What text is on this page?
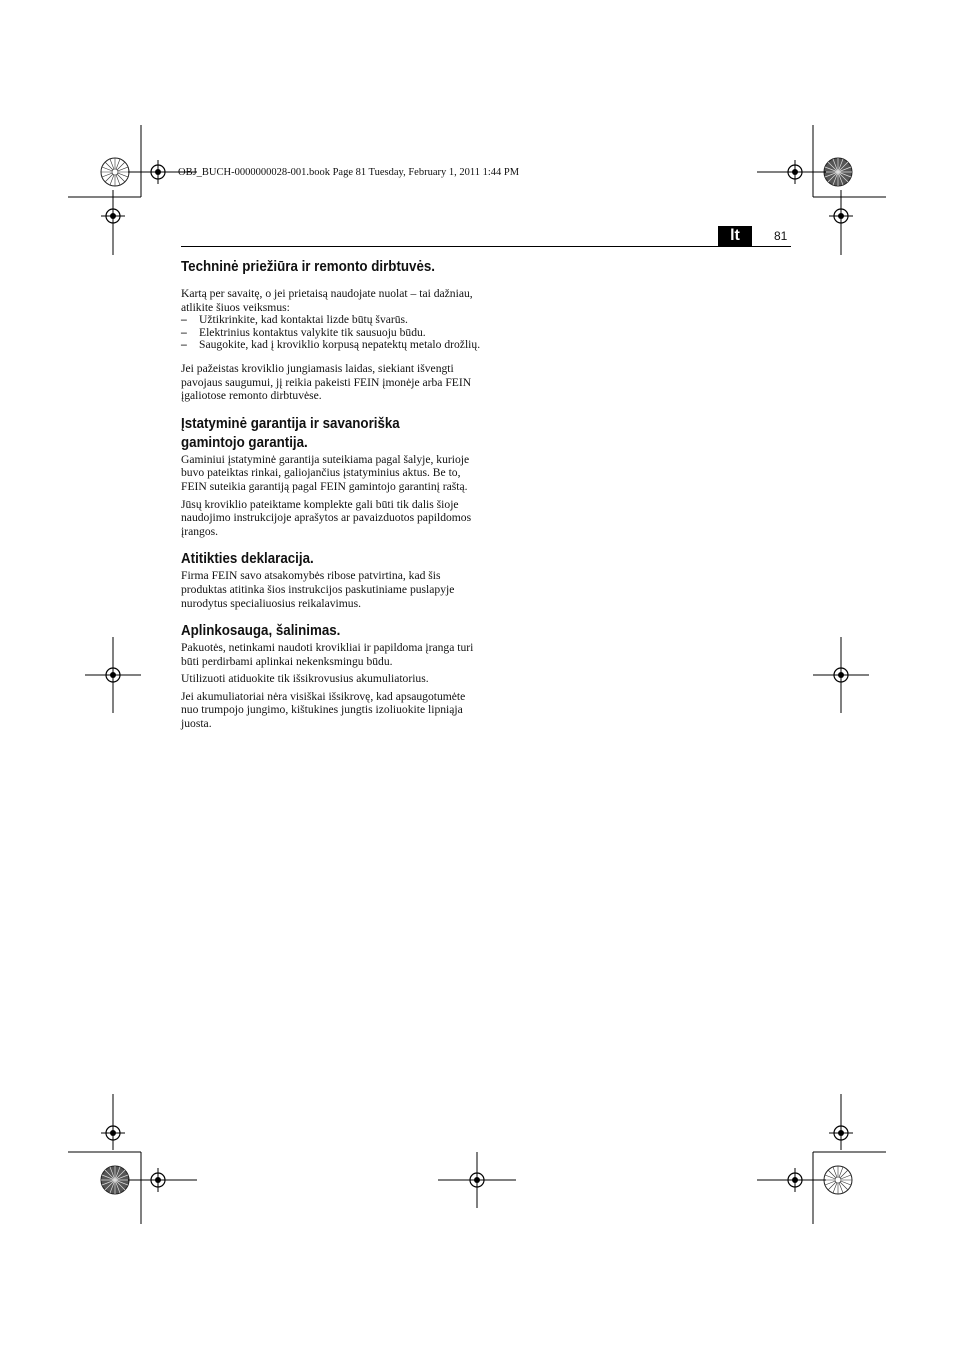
OBJ_BUCH-0000000028-001.book Page 81 Tuesday, February 1, 2011 1:44 PM
lt	81
Techninė priežiūra ir remonto dirbtuvės.

Kartą per savaitę, o jei prietaisą naudojate nuolat – tai dažniau, atlikite šiuos veiksmus:

– Užtikrinkite, kad kontaktai lizde būtų švarūs.
– Elektrinius kontaktus valykite tik sausuoju būdu.
– Saugokite, kad į kroviklio korpusą nepatektų metalo drožlių.

Jei pažeistas kroviklio jungiamasis laidas, siekiant išvengti pavojaus saugumui, jį reikia pakeisti FEIN įmonėje arba FEIN įgaliotose remonto dirbtuvėse.

Įstatyminė garantija ir savanoriška
gamintojo garantija.

Gaminiui įstatyminė garantija suteikiama pagal šalyje, kurioje buvo pateiktas rinkai, galiojančius įstatyminius aktus. Be to, FEIN suteikia garantiją pagal FEIN gamintojo garantinį raštą.

Jūsų kroviklio pateiktame komplekte gali būti tik dalis šioje naudojimo instrukcijoje aprašytos ar pavaizduotos papildomos įrangos.

Atitikties deklaracija.

Firma FEIN savo atsakomybės ribose patvirtina, kad šis produktas atitinka šios instrukcijos paskutiniame puslapyje nurodytus specialiuosius reikalavimus.

Aplinkosauga, šalinimas.

Pakuotės, netinkami naudoti krovikliai ir papildoma įranga turi būti perdirbami aplinkai nekenksmingu būdu.

Utilizuoti atiduokite tik išsikrovusius akumuliatorius.

Jei akumuliatoriai nėra visiškai išsikrovę, kad apsaugotumėte nuo trumpojo jungimo, kištukines jungtis izoliuokite lipniąja juosta.
